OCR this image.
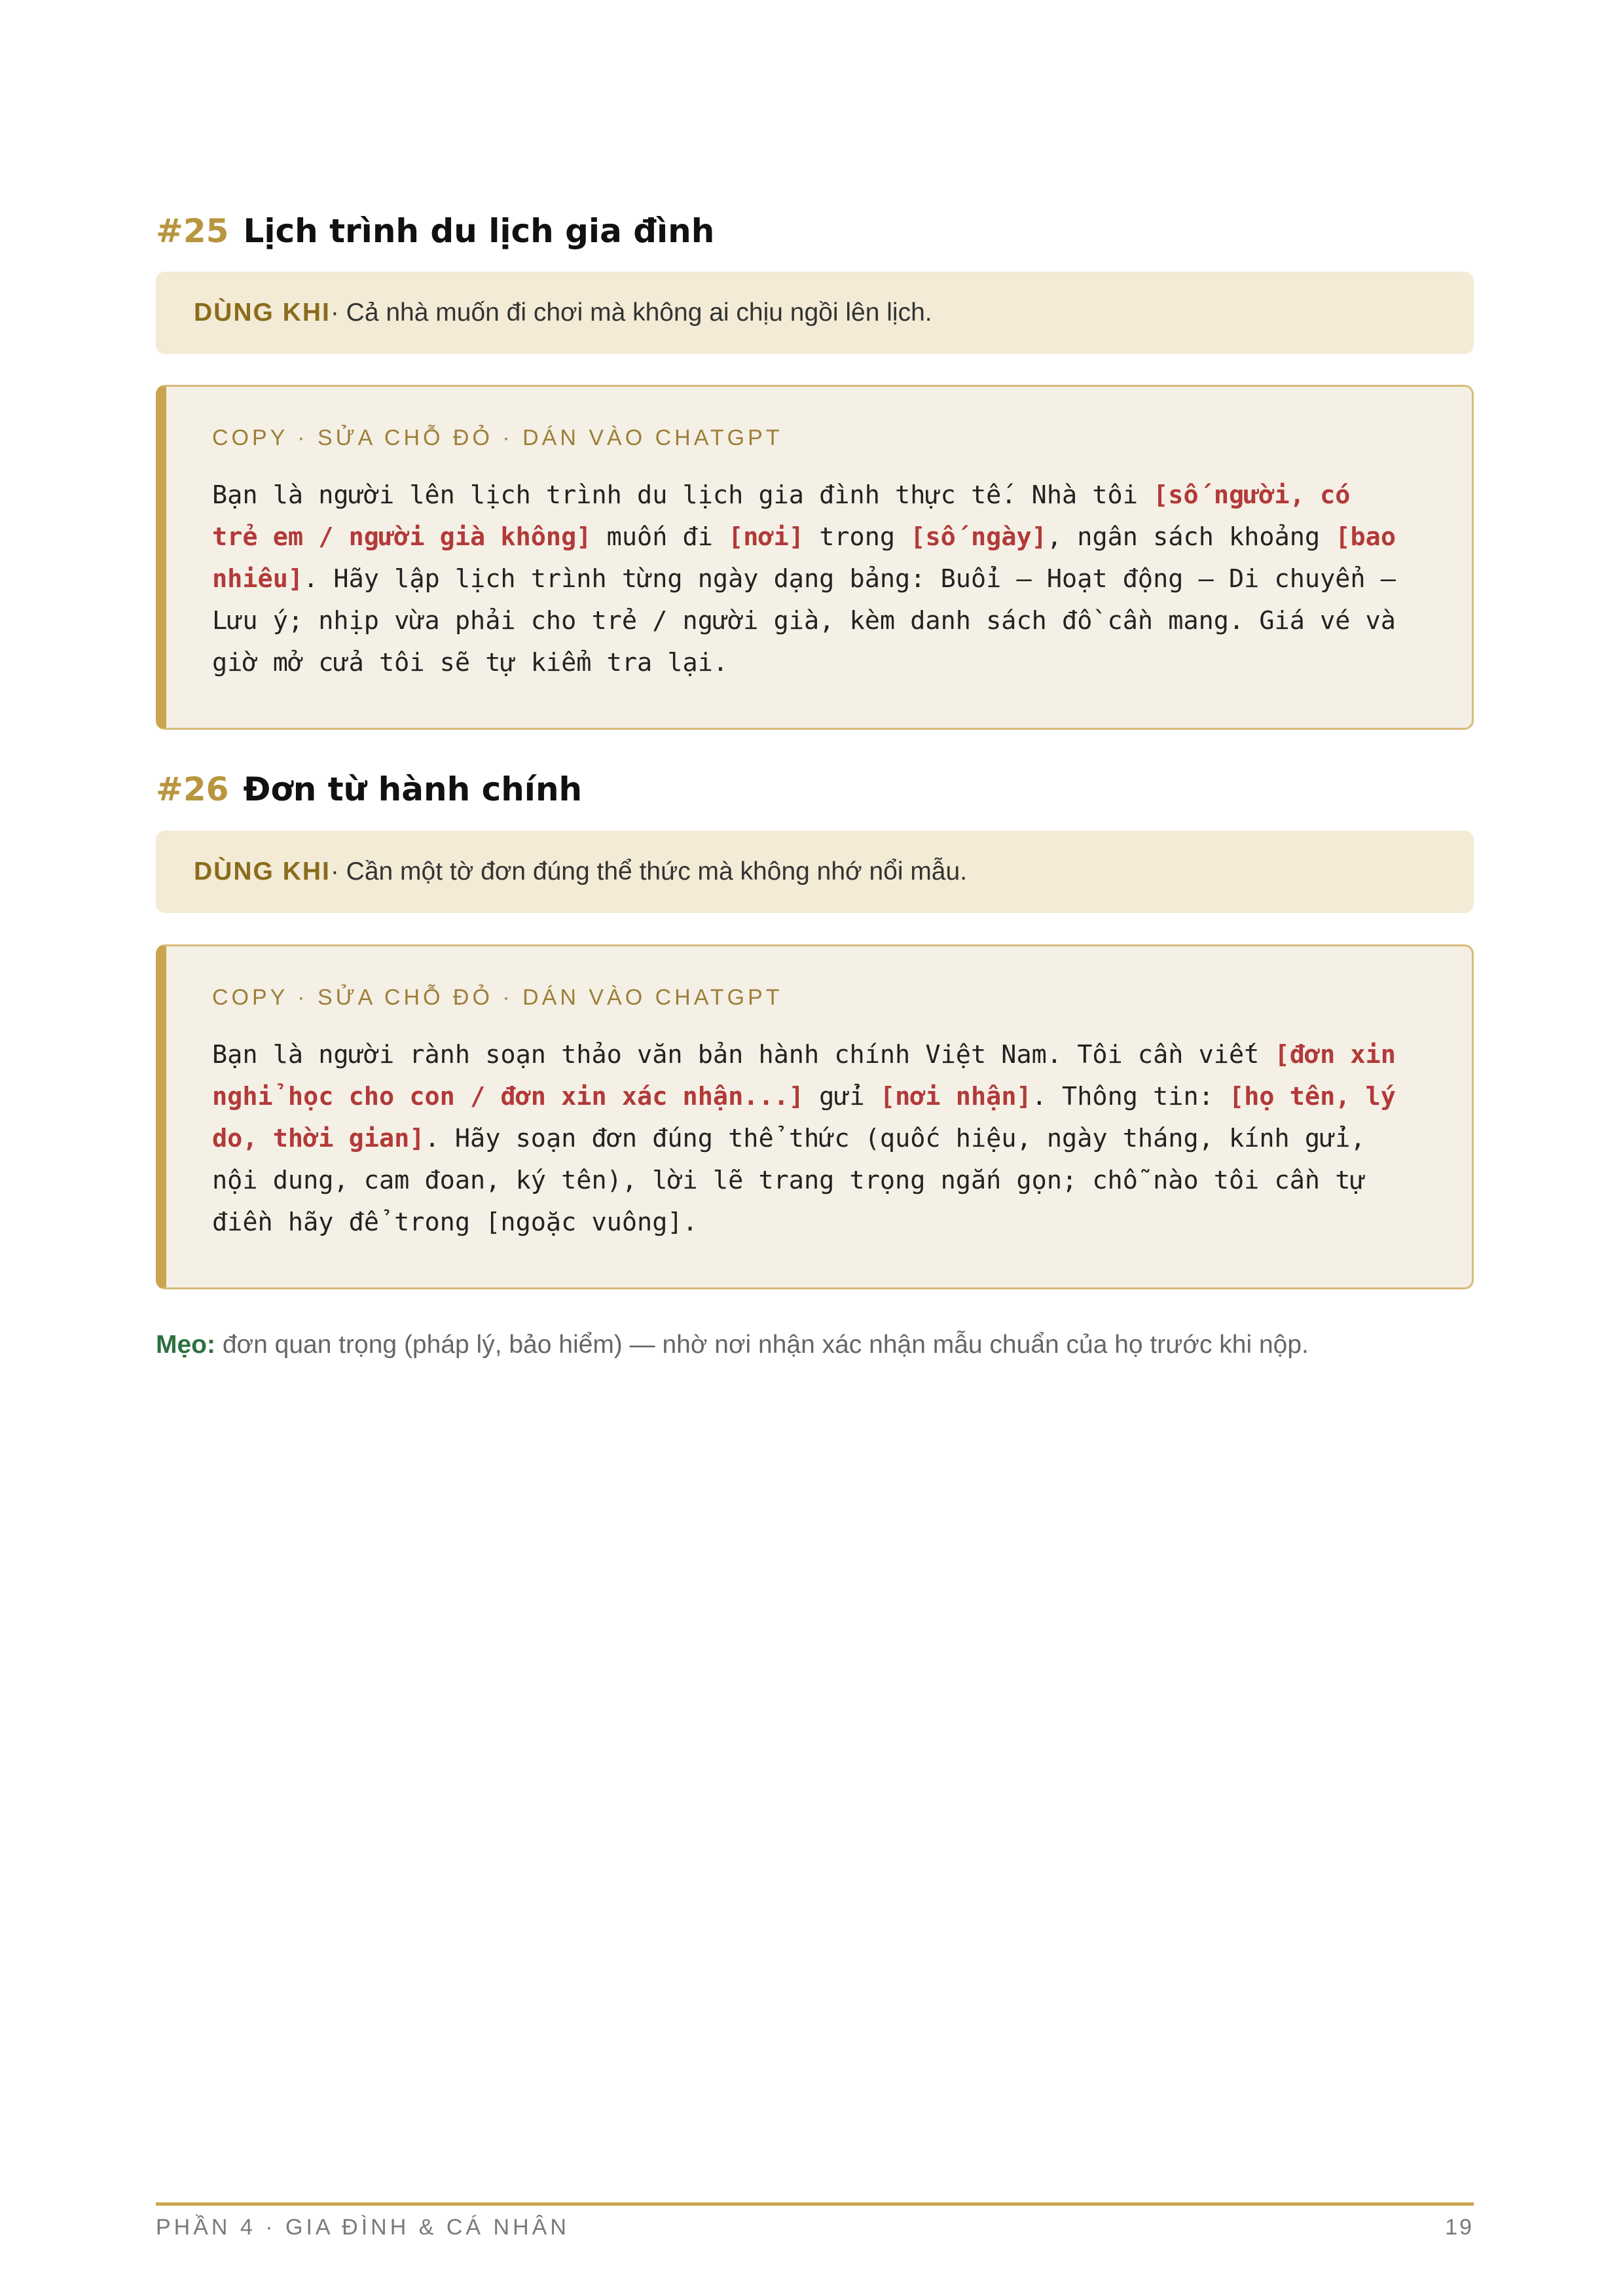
#25 Lịch trình du lịch gia đình
DÙNG KHI · Cả nhà muốn đi chơi mà không ai chịu ngồi lên lịch.
COPY · SỬA CHỖ ĐỎ · DÁN VÀO CHATGPT
Bạn là người lên lịch trình du lịch gia đình thực tế. Nhà tôi [số người, có
trẻ em / người già không] muốn đi [nơi] trong [số ngày], ngân sách khoảng [bao
nhiêu]. Hãy lập lịch trình từng ngày dạng bảng: Buổi — Hoạt động — Di chuyển —
Lưu ý; nhịp vừa phải cho trẻ / người già, kèm danh sách đồ cần mang. Giá vé và
giờ mở cửa tôi sẽ tự kiểm tra lại.
#26 Đơn từ hành chính
DÙNG KHI · Cần một tờ đơn đúng thể thức mà không nhớ nổi mẫu.
COPY · SỬA CHỖ ĐỎ · DÁN VÀO CHATGPT
Bạn là người rành soạn thảo văn bản hành chính Việt Nam. Tôi cần viết [đơn xin
nghỉ học cho con / đơn xin xác nhận...] gửi [nơi nhận]. Thông tin: [họ tên, lý
do, thời gian]. Hãy soạn đơn đúng thể thức (quốc hiệu, ngày tháng, kính gửi,
nội dung, cam đoan, ký tên), lời lẽ trang trọng ngắn gọn; chỗ nào tôi cần tự
điền hãy để trong [ngoặc vuông].
Mẹo: đơn quan trọng (pháp lý, bảo hiểm) — nhờ nơi nhận xác nhận mẫu chuẩn của họ trước khi nộp.
PHẦN 4 · GIA ĐÌNH & CÁ NHÂN	19
